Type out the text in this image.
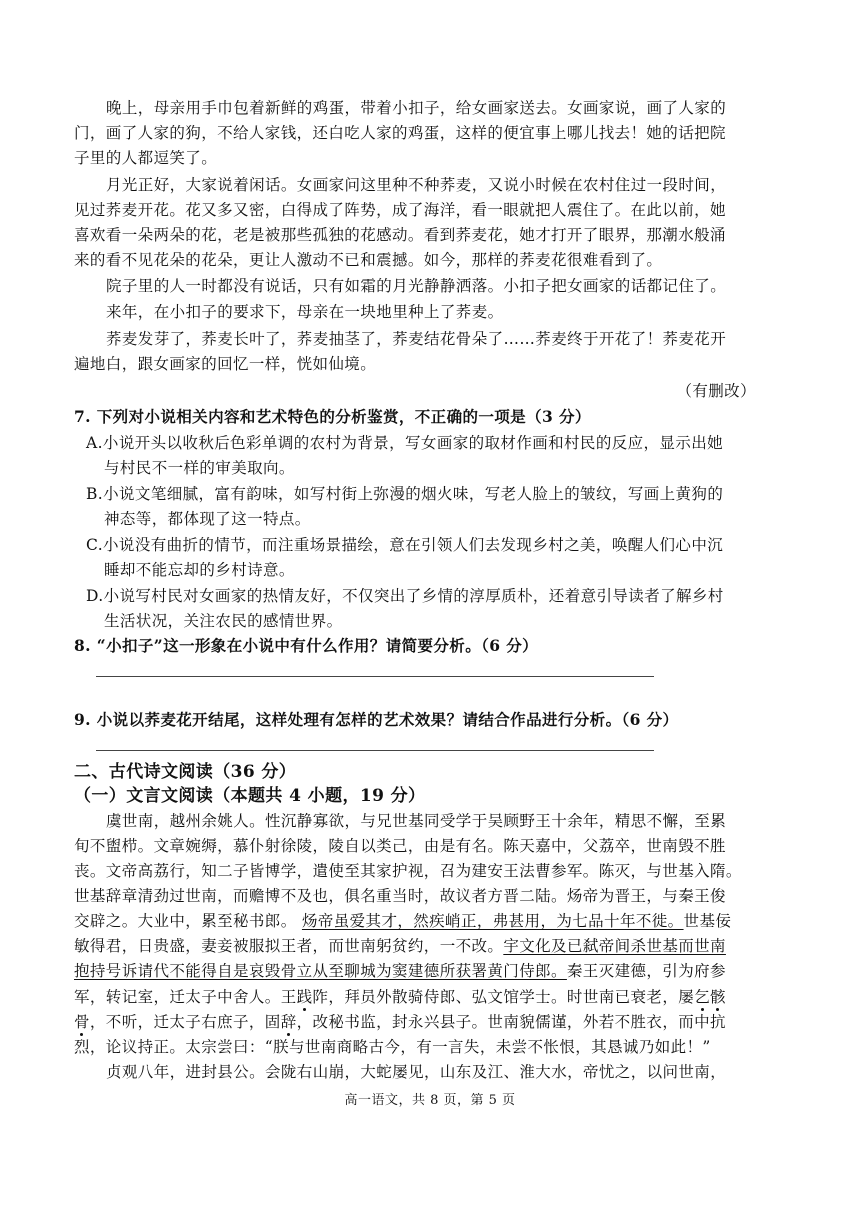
晚上，母亲用手巾包着新鲜的鸡蛋，带着小扣子，给女画家送去。女画家说，画了人家的
门，画了人家的狗，不给人家钱，还白吃人家的鸡蛋，这样的便宜事上哪儿找去！她的话把院
子里的人都逗笑了。
月光正好，大家说着闲话。女画家问这里种不种荞麦，又说小时候在农村住过一段时间，
见过荞麦开花。花又多又密，白得成了阵势，成了海洋，看一眼就把人震住了。在此以前，她
喜欢看一朵两朵的花，老是被那些孤独的花感动。看到荞麦花，她才打开了眼界，那潮水般涌
来的看不见花朵的花朵，更让人激动不已和震撼。如今，那样的荞麦花很难看到了。
院子里的人一时都没有说话，只有如霜的月光静静洒落。小扣子把女画家的话都记住了。
来年，在小扣子的要求下，母亲在一块地里种上了荞麦。
荞麦发芽了，荞麦长叶了，荞麦抽茎了，荞麦结花骨朵了……荞麦终于开花了！荞麦花开
遍地白，跟女画家的回忆一样，恍如仙境。
（有删改）
7. 下列对小说相关内容和艺术特色的分析鉴赏，不正确的一项是（3 分）
A.小说开头以收秋后色彩单调的农村为背景，写女画家的取材作画和村民的反应，显示出她
与村民不一样的审美取向。
B.小说文笔细腻，富有韵味，如写村街上弥漫的烟火味，写老人脸上的皱纹，写画上黄狗的
神态等，都体现了这一特点。
C.小说没有曲折的情节，而注重场景描绘，意在引领人们去发现乡村之美，唤醒人们心中沉
睡却不能忘却的乡村诗意。
D.小说写村民对女画家的热情友好，不仅突出了乡情的淳厚质朴，还着意引导读者了解乡村
生活状况，关注农民的感情世界。
8. “小扣子”这一形象在小说中有什么作用？请简要分析。（6 分）
9. 小说以荞麦花开结尾，这样处理有怎样的艺术效果？请结合作品进行分析。（6 分）
二、古代诗文阅读（36 分）
（一）文言文阅读（本题共 4 小题，19 分）
虞世南，越州余姚人。性沉静寡欲，与兄世基同受学于吴顾野王十余年，精思不懈，至累
旬不盥栉。文章婉缛，慕仆射徐陵，陵自以类己，由是有名。陈天嘉中，父荔卒，世南毁不胜
丧。文帝高荔行，知二子皆博学，遣使至其家护视，召为建安王法曹参军。陈灭，与世基入隋。
世基辞章清劲过世南，而赡博不及也，俱名重当时，故议者方晋二陆。炀帝为晋王，与秦王俊
交辟之。大业中，累至秘书郎。 炀帝虽爱其才，然疾峭正，弗甚用，为七品十年不徙。世基佞
敏得君，日贵盛，妻妾被服拟王者，而世南躬贫约，一不改。宇文化及已弑帝间杀世基而世南
抱持号诉请代不能得自是哀毁骨立从至聊城为窦建德所获署黄门侍郎。秦王灭建德，引为府参
军，转记室，迁太子中舍人。王践阼，拜员外散骑侍郎、弘文馆学士。时世南已衰老，屡乞骸
骨，不听，迁太子右庶子，固辞，改秘书监，封永兴县子。世南貌儒谨，外若不胜衣，而中抗
烈，论议持正。太宗尝曰：“朕与世南商略古今，有一言失，未尝不怅恨，其恳诚乃如此！”
贞观八年，进封县公。会陇右山崩，大蛇屡见，山东及江、淮大水，帝忧之，以问世南，
高一语文，共 8 页，第 5 页
